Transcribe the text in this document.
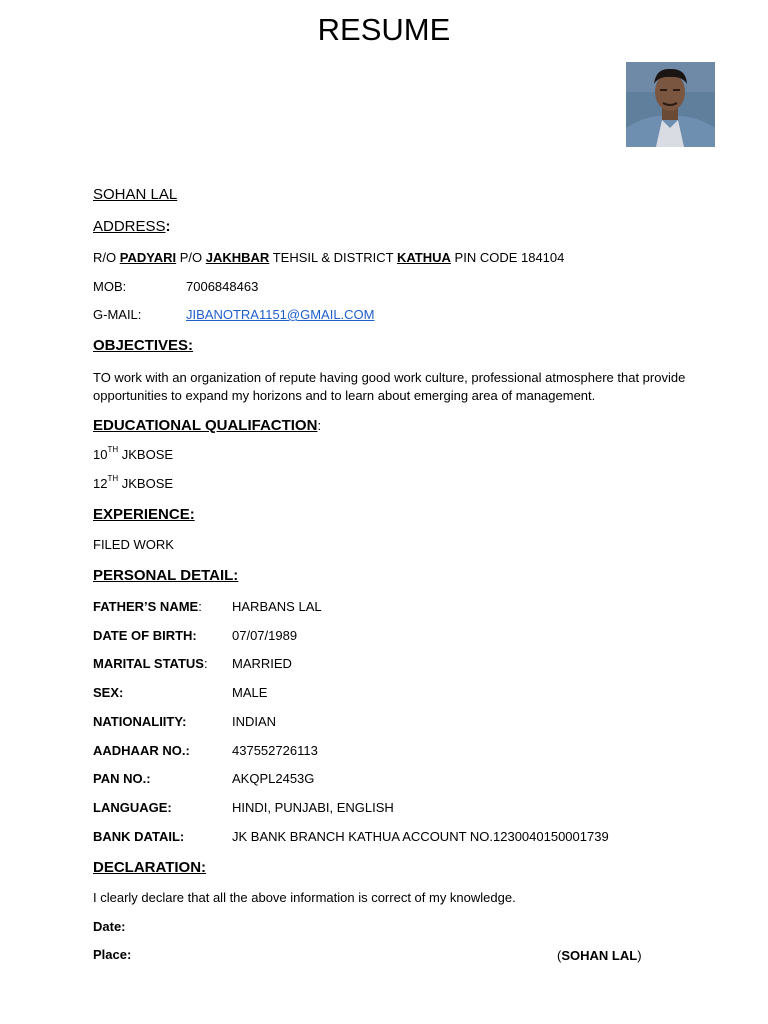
RESUME
SOHAN LAL
ADDRESS:
R/O PADYARI P/O JAKHBAR TEHSIL & DISTRICT KATHUA PIN CODE 184104
MOB:	7006848463
G-MAIL:	JIBANOTRA1151@GMAIL.COM
OBJECTIVES:
TO work with an organization of repute having good work culture, professional atmosphere that provide opportunities to expand my horizons and to learn about emerging area of management.
EDUCATIONAL QUALIFACTION:
10TH JKBOSE
12TH JKBOSE
EXPERIENCE:
FILED WORK
PERSONAL DETAIL:
FATHER’S NAME: HARBANS LAL
DATE OF BIRTH:	07/07/1989
MARITAL STATUS: MARRIED
SEX:	MALE
NATIONALIITY:	INDIAN
AADHAAR NO.:	437552726113
PAN NO.:	AKQPL2453G
LANGUAGE:	HINDI, PUNJABI, ENGLISH
BANK DATAIL:	JK BANK BRANCH KATHUA ACCOUNT NO.1230040150001739
DECLARATION:
I clearly declare that all the above information is correct of my knowledge.
Date:
Place:	(SOHAN LAL)
